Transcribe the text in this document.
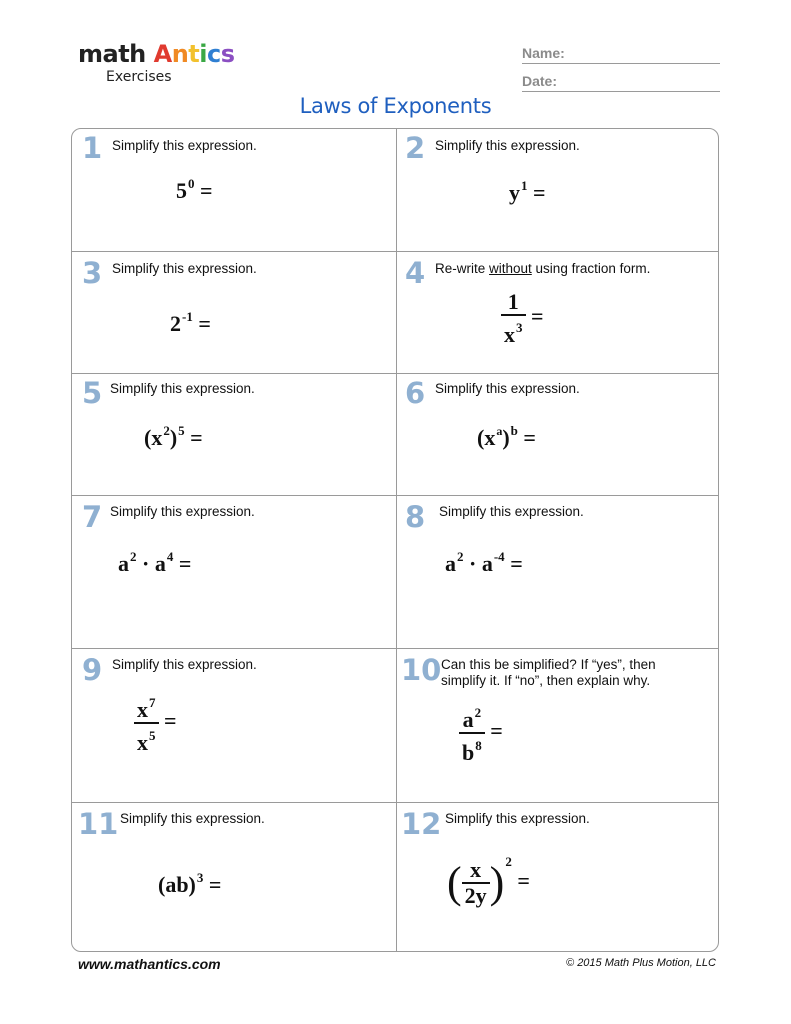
math Antics
Exercises
Name:
Date:
Laws of Exponents
1 Simplify this expression.
$5^0$ =
2 Simplify this expression.
$y^1$ =
3 Simplify this expression.
$2^{-1}$ =
4 Re-write without using fraction form.
$\frac{1}{x^3}$ =
5 Simplify this expression.
$(x^2)^5$ =
6 Simplify this expression.
$(x^a)^b$ =
7 Simplify this expression.
$a^2 \cdot a^4$ =
8 Simplify this expression.
$a^2 \cdot a^{-4}$ =
9 Simplify this expression.
$\frac{x^7}{x^5}$ =
10 Can this be simplified? If “yes”, then
simplify it. If “no”, then explain why.
$\frac{a^2}{b^8}$ =
11 Simplify this expression.
(ab)$^3$ =
12 Simplify this expression.
( $\frac{x}{2y} )^2$ =
www.mathantics.com	© 2015 Math Plus Motion, LLC
